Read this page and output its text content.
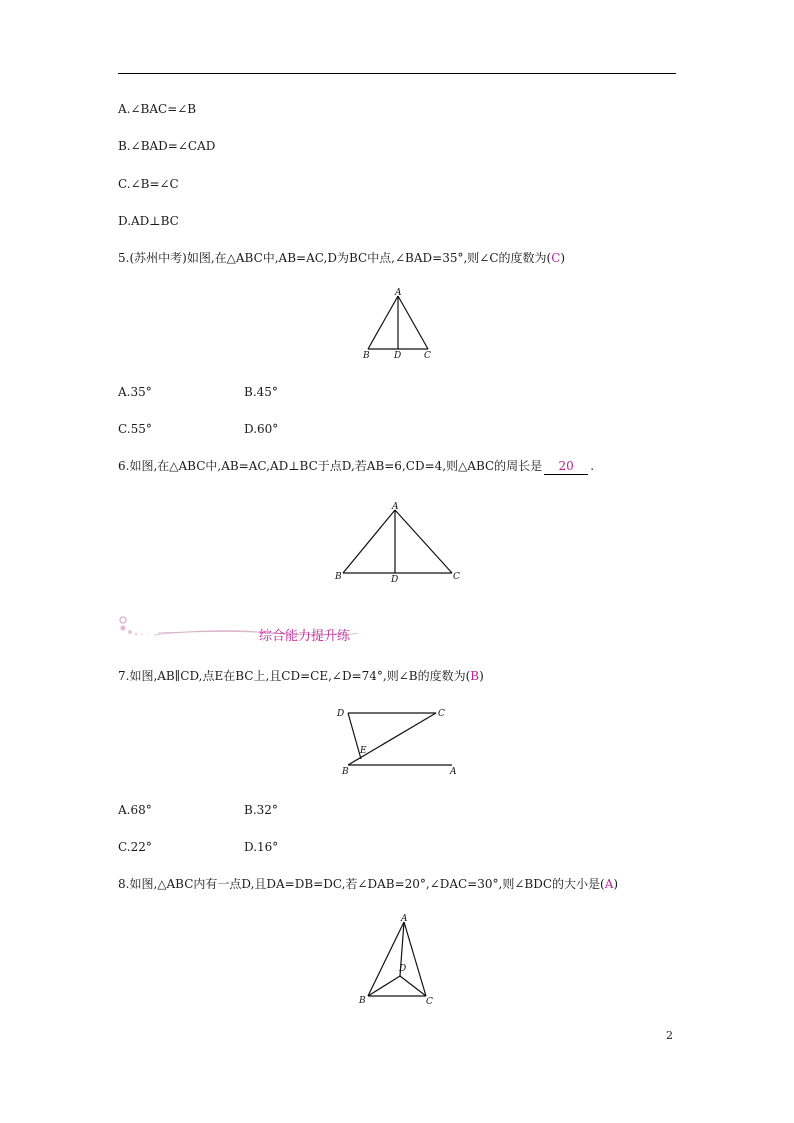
A.∠BAC=∠B
B.∠BAD=∠CAD
C.∠B=∠C
D.AD⊥BC
5.(苏州中考)如图,在△ABC中,AB=AC,D为BC中点,∠BAD=35°,则∠C的度数为(C)
A
B	D	C
A.35°	B.45°
C.55°	D.60°
6.如图,在△ABC中,AB=AC,AD⊥BC于点D,若AB=6,CD=4,则△ABC的周长是 20 .
A
B	D	C
综合能力提升练
7.如图,AB∥CD,点E在BC上,且CD=CE,∠D=74°,则∠B的度数为(B)
D	C
E
B	A
A.68°	B.32°
C.22°	D.16°
8.如图,△ABC内有一点D,且DA=DB=DC,若∠DAB=20°,∠DAC=30°,则∠BDC的大小是(A)
A
D
B	C
2
